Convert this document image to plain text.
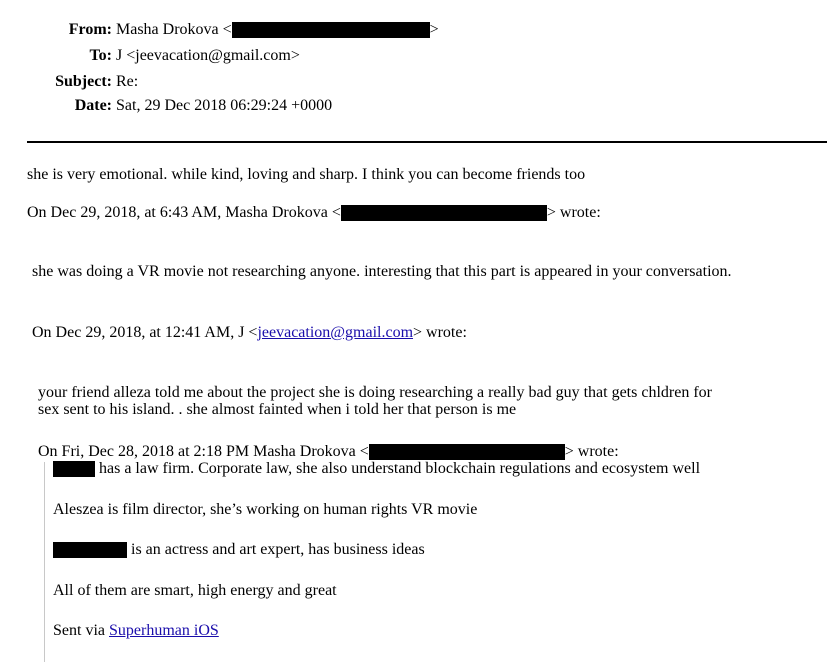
From: Masha Drokova <	>
To: J <jeevacation@gmail.com>
Subject: Re:
Date: Sat, 29 Dec 2018 06:29:24 +0000
she is very emotional. while kind, loving and sharp. I think you can become friends too
On Dec 29, 2018, at 6:43 AM, Masha Drokova <	> wrote:
she was doing a VR movie not researching anyone. interesting that this part is appeared in your conversation.
On Dec 29, 2018, at 12:41 AM, J <jeevacation@gmail.com> wrote:
your friend alleza told me about the project she is doing researching a really bad guy that gets chldren for
sex sent to his island. . she almost fainted when i told her that person is me
On Fri, Dec 28, 2018 at 2:18 PM Masha Drokova <	> wrote:
has a law firm. Corporate law, she also understand blockchain regulations and ecosystem well
Aleszea is film director, she’s working on human rights VR movie
is an actress and art expert, has business ideas
All of them are smart, high energy and great
Sent via Superhuman iOS
